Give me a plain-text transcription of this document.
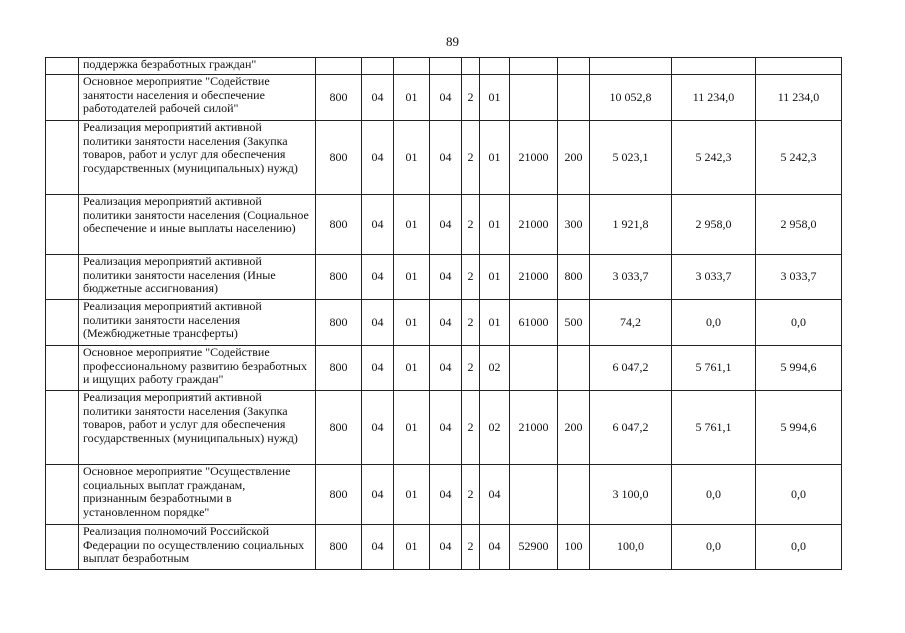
89
	поддержка безработных граждан"											
	Основное мероприятие "Содействие занятости населения и обеспечение работодателей рабочей силой"	800	04	01	04	2	01			10 052,8	11 234,0	11 234,0
	Реализация мероприятий активной политики занятости населения (Закупка товаров, работ и услуг для обеспечения государственных (муниципальных) нужд)	800	04	01	04	2	01	21000	200	5 023,1	5 242,3	5 242,3
	Реализация мероприятий активной политики занятости населения (Социальное обеспечение и иные выплаты населению)	800	04	01	04	2	01	21000	300	1 921,8	2 958,0	2 958,0
	Реализация мероприятий активной политики занятости населения (Иные бюджетные ассигнования)	800	04	01	04	2	01	21000	800	3 033,7	3 033,7	3 033,7
	Реализация мероприятий активной политики занятости населения (Межбюджетные трансферты)	800	04	01	04	2	01	61000	500	74,2	0,0	0,0
	Основное мероприятие "Содействие профессиональному развитию безработных и ищущих работу граждан"	800	04	01	04	2	02			6 047,2	5 761,1	5 994,6
	Реализация мероприятий активной политики занятости населения (Закупка товаров, работ и услуг для обеспечения государственных (муниципальных) нужд)	800	04	01	04	2	02	21000	200	6 047,2	5 761,1	5 994,6
	Основное мероприятие "Осуществление социальных выплат гражданам, признанным безработными в установленном порядке"	800	04	01	04	2	04			3 100,0	0,0	0,0
	Реализация полномочий Российской Федерации по осуществлению социальных выплат безработным	800	04	01	04	2	04	52900	100	100,0	0,0	0,0
